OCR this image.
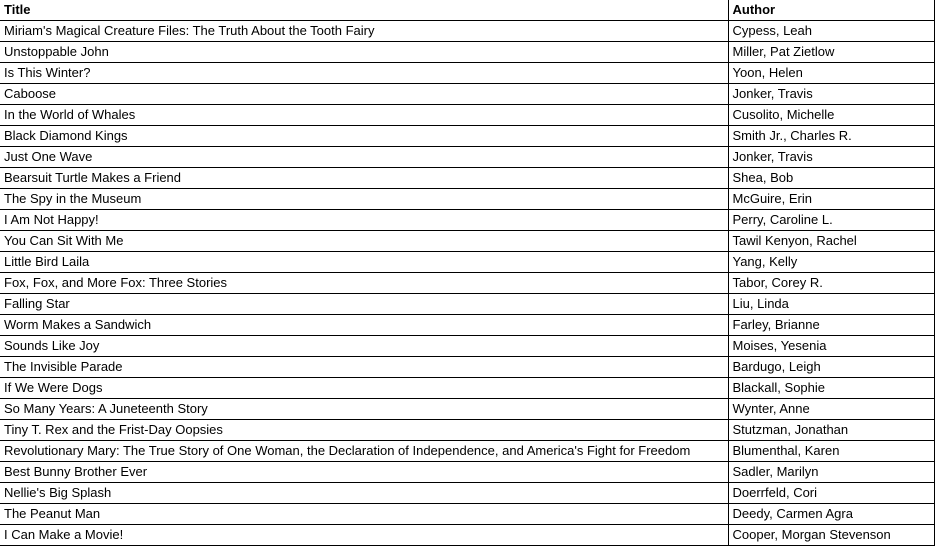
Title	Author
Miriam's Magical Creature Files: The Truth About the Tooth Fairy	Cypess, Leah
Unstoppable John	Miller, Pat Zietlow
Is This Winter?	Yoon, Helen
Caboose	Jonker, Travis
In the World of Whales	Cusolito, Michelle
Black Diamond Kings	Smith Jr., Charles R.
Just One Wave	Jonker, Travis
Bearsuit Turtle Makes a Friend	Shea, Bob
The Spy in the Museum	McGuire, Erin
I Am Not Happy!	Perry, Caroline L.
You Can Sit With Me	Tawil Kenyon, Rachel
Little Bird Laila	Yang, Kelly
Fox, Fox, and More Fox: Three Stories	Tabor, Corey R.
Falling Star	Liu, Linda
Worm Makes a Sandwich	Farley, Brianne
Sounds Like Joy	Moises, Yesenia
The Invisible Parade	Bardugo, Leigh
If We Were Dogs	Blackall, Sophie
So Many Years: A Juneteenth Story	Wynter, Anne
Tiny T. Rex and the Frist-Day Oopsies	Stutzman, Jonathan
Revolutionary Mary: The True Story of One Woman, the Declaration of Independence, and America's Fight for Freedom	Blumenthal, Karen
Best Bunny Brother Ever	Sadler, Marilyn
Nellie's Big Splash	Doerrfeld, Cori
The Peanut Man	Deedy, Carmen Agra
I Can Make a Movie!	Cooper, Morgan Stevenson
